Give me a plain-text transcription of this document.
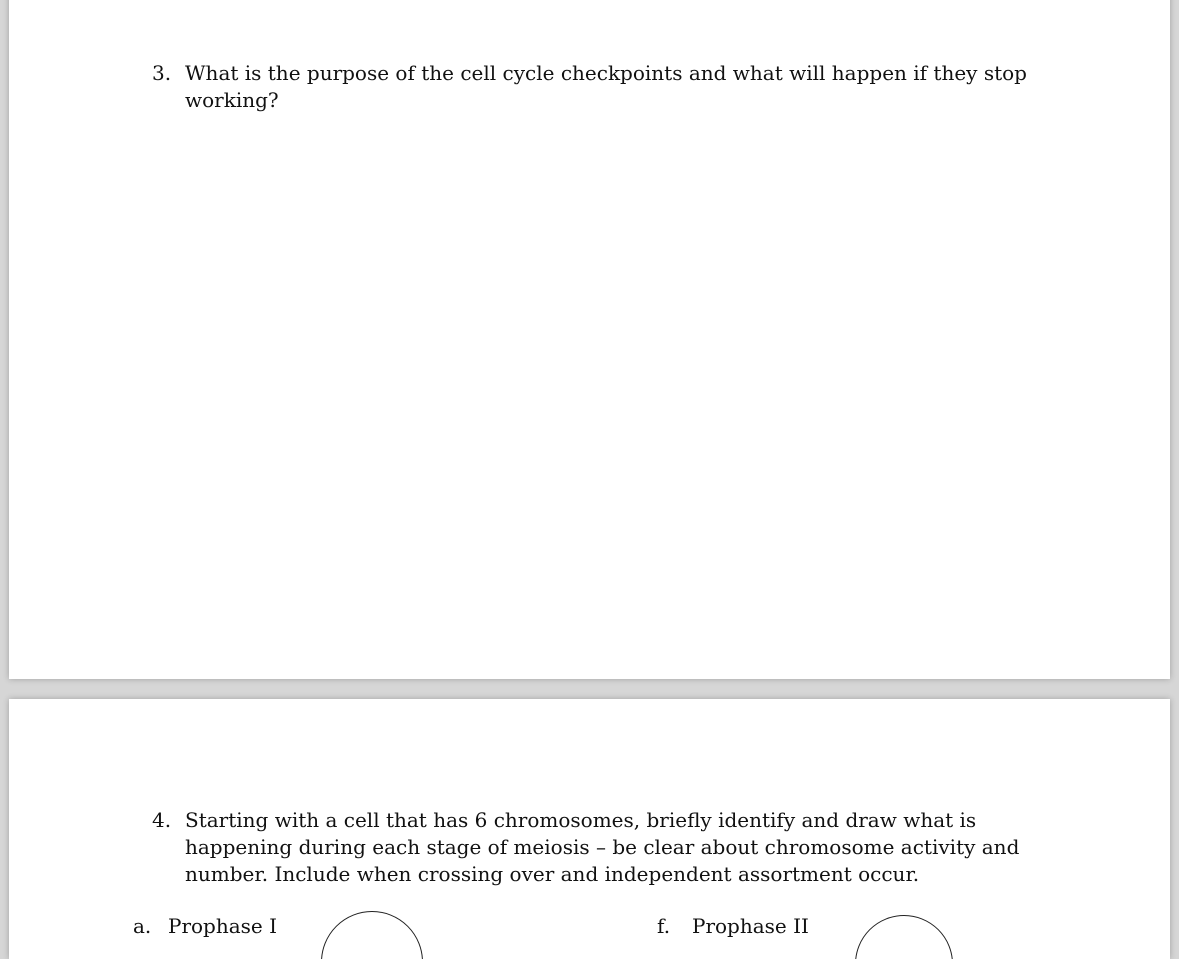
3. What is the purpose of the cell cycle checkpoints and what will happen if they stop working?
4. Starting with a cell that has 6 chromosomes, briefly identify and draw what is happening during each stage of meiosis – be clear about chromosome activity and number. Include when crossing over and independent assortment occur.
a. Prophase I	f. Prophase II
